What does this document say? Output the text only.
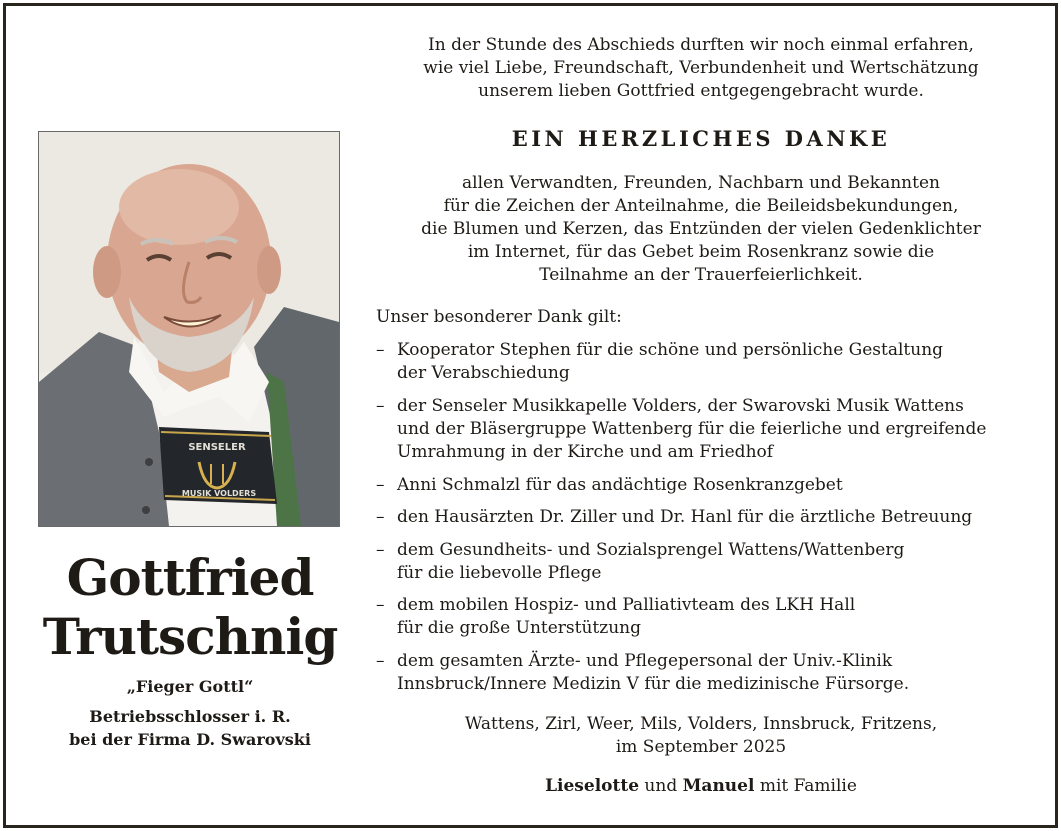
SENSELER
MUSIK VOLDERS
Gottfried
Trutschnig
„Fieger Gottl“
Betriebsschlosser i. R.
bei der Firma D. Swarovski
In der Stunde des Abschieds durften wir noch einmal erfahren,
wie viel Liebe, Freundschaft, Verbundenheit und Wertschätzung
unserem lieben Gottfried entgegengebracht wurde.
EIN HERZLICHES DANKE
allen Verwandten, Freunden, Nachbarn und Bekannten
für die Zeichen der Anteilnahme, die Beileidsbekundungen,
die Blumen und Kerzen, das Entzünden der vielen Gedenklichter
im Internet, für das Gebet beim Rosenkranz sowie die
Teilnahme an der Trauerfeierlichkeit.
Unser besonderer Dank gilt:
– Kooperator Stephen für die schöne und persönliche Gestaltung
der Verabschiedung
– der Senseler Musikkapelle Volders, der Swarovski Musik Wattens
und der Bläsergruppe Wattenberg für die feierliche und ergreifende
Umrahmung in der Kirche und am Friedhof
– Anni Schmalzl für das andächtige Rosenkranzgebet
– den Hausärzten Dr. Ziller und Dr. Hanl für die ärztliche Betreuung
– dem Gesundheits- und Sozialsprengel Wattens/Wattenberg
für die liebevolle Pflege
– dem mobilen Hospiz- und Palliativteam des LKH Hall
für die große Unterstützung
– dem gesamten Ärzte- und Pflegepersonal der Univ.-Klinik
Innsbruck/Innere Medizin V für die medizinische Fürsorge.
Wattens, Zirl, Weer, Mils, Volders, Innsbruck, Fritzens,
im September 2025
Lieselotte und Manuel mit Familie
